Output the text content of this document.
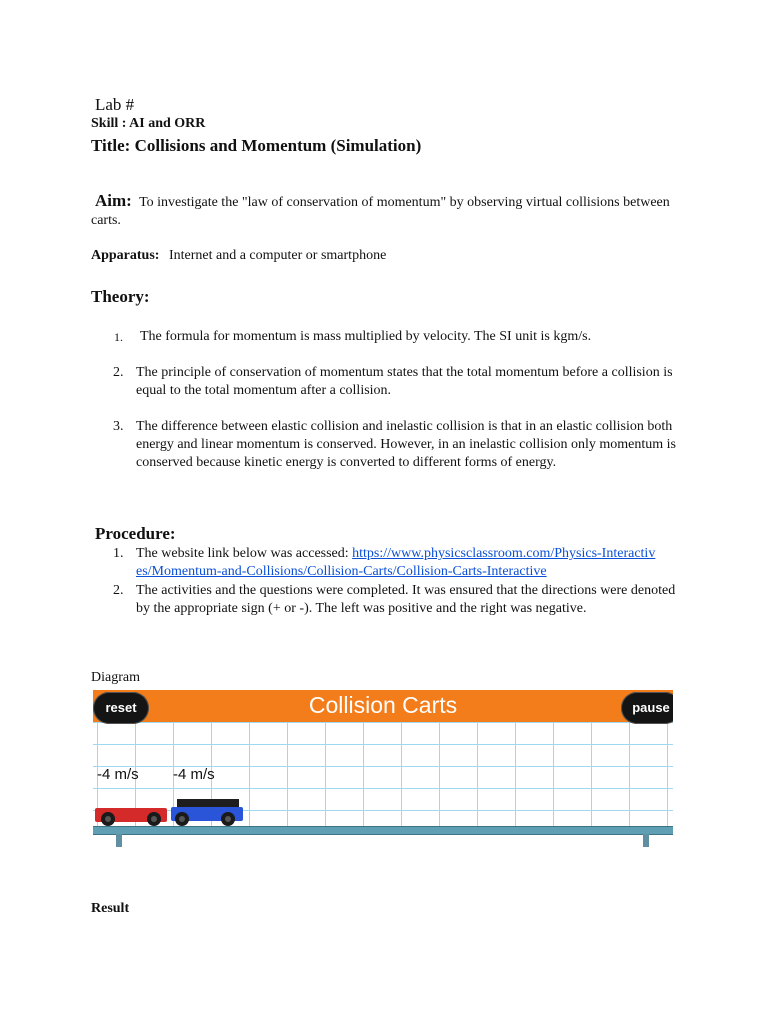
Lab #
Skill : AI and ORR
Title: Collisions and Momentum (Simulation)
Aim: To investigate the "law of conservation of momentum" by observing virtual collisions between carts.
Apparatus: Internet and a computer or smartphone
Theory:
1. The formula for momentum is mass multiplied by velocity. The SI unit is kgm/s.
2. The principle of conservation of momentum states that the total momentum before a collision is equal to the total momentum after a collision.
3. The difference between elastic collision and inelastic collision is that in an elastic collision both energy and linear momentum is conserved. However, in an inelastic collision only momentum is conserved because kinetic energy is converted to different forms of energy.
Procedure:
1. The website link below was accessed: https://www.physicsclassroom.com/Physics-Interactives/Momentum-and-Collisions/Collision-Carts/Collision-Carts-Interactive
2. The activities and the questions were completed. It was ensured that the directions were denoted by the appropriate sign (+ or -). The left was positive and the right was negative.
Diagram
Collision Carts
reset	pause
-4 m/s -4 m/s
Result
